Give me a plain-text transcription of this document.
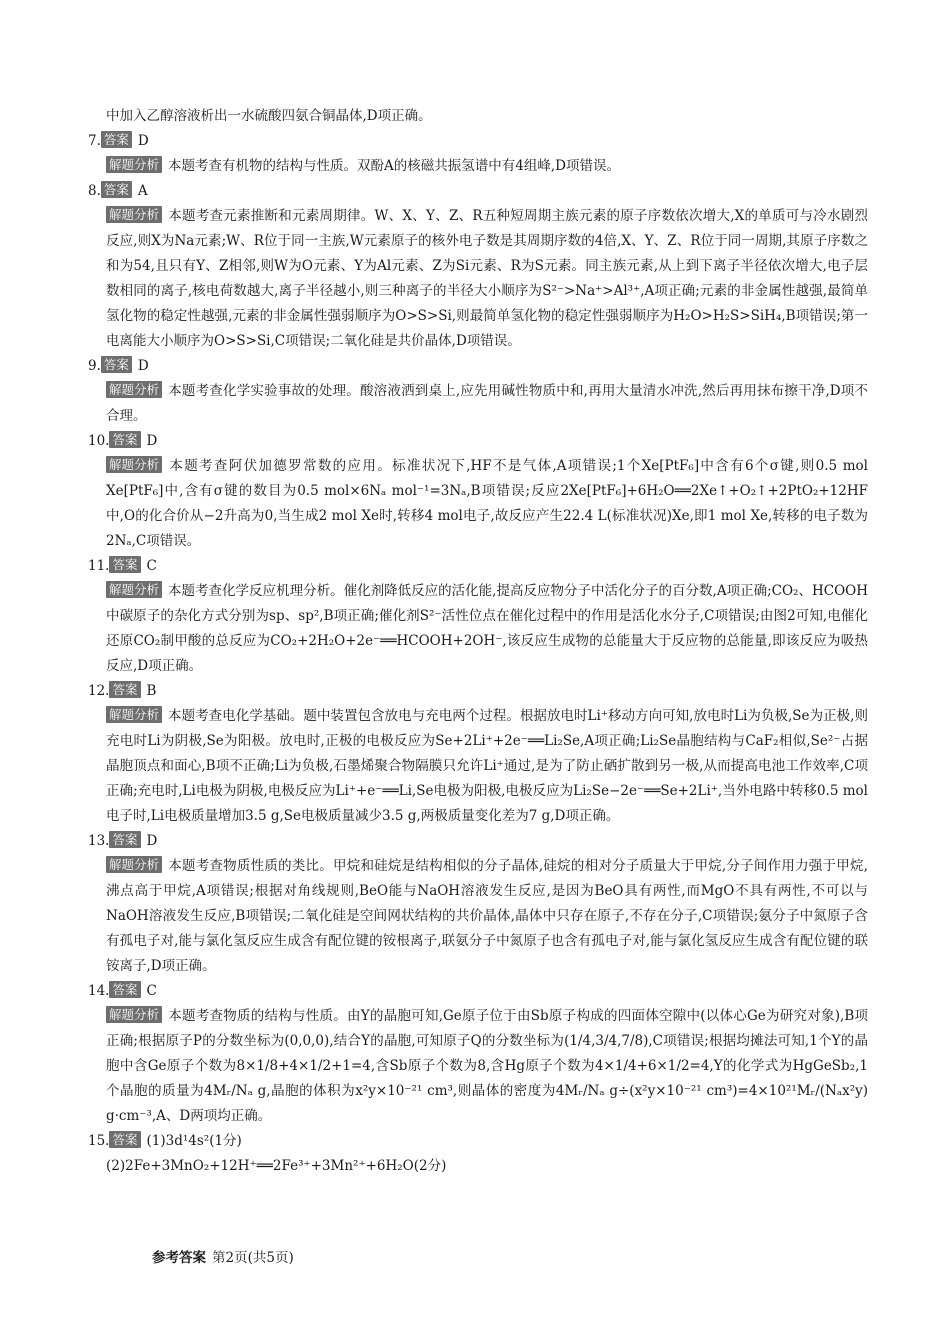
中加入乙醇溶液析出一水硫酸四氨合铜晶体,D项正确。

7. 答案 D

解题分析 本题考查有机物的结构与性质。双酚A的核磁共振氢谱中有4组峰,D项错误。

8. 答案 A

解题分析 本题考查元素推断和元素周期律。W、X、Y、Z、R五种短周期主族元素的原子序数依次增大,X的单质可与冷水剧烈反应,则X为Na元素;W、R位于同一主族,W元素原子的核外电子数是其周期序数的4倍,X、Y、Z、R位于同一周期,其原子序数之和为54,且只有Y、Z相邻,则W为O元素、Y为Al元素、Z为Si元素、R为S元素。同主族元素,从上到下离子半径依次增大,电子层数相同的离子,核电荷数越大,离子半径越小,则三种离子的半径大小顺序为S²⁻>Na⁺>Al³⁺,A项正确;元素的非金属性越强,最简单氢化物的稳定性越强,元素的非金属性强弱顺序为O>S>Si,则最简单氢化物的稳定性强弱顺序为H₂O>H₂S>SiH₄,B项错误;第一电离能大小顺序为O>S>Si,C项错误;二氧化硅是共价晶体,D项错误。

9. 答案 D

解题分析 本题考查化学实验事故的处理。酸溶液洒到桌上,应先用碱性物质中和,再用大量清水冲洗,然后再用抹布擦干净,D项不合理。

10. 答案 D

解题分析 本题考查阿伏加德罗常数的应用。标准状况下,HF不是气体,A项错误;1个Xe[PtF₆]中含有6个σ键,则0.5 mol Xe[PtF₆]中,含有σ键的数目为0.5 mol×6Nₐ mol⁻¹=3Nₐ,B项错误;反应2Xe[PtF₆]+6H₂O══2Xe↑+O₂↑+2PtO₂+12HF中,O的化合价从−2升高为0,当生成2 mol Xe时,转移4 mol电子,故反应产生22.4 L(标准状况)Xe,即1 mol Xe,转移的电子数为2Nₐ,C项错误。

11. 答案 C

解题分析 本题考查化学反应机理分析。催化剂降低反应的活化能,提高反应物分子中活化分子的百分数,A项正确;CO₂、HCOOH中碳原子的杂化方式分别为sp、sp²,B项正确;催化剂S²⁻活性位点在催化过程中的作用是活化水分子,C项错误;由图2可知,电催化还原CO₂制甲酸的总反应为CO₂+2H₂O+2e⁻══HCOOH+2OH⁻,该反应生成物的总能量大于反应物的总能量,即该反应为吸热反应,D项正确。

12. 答案 B

解题分析 本题考查电化学基础。题中装置包含放电与充电两个过程。根据放电时Li⁺移动方向可知,放电时Li为负极,Se为正极,则充电时Li为阴极,Se为阳极。放电时,正极的电极反应为Se+2Li⁺+2e⁻══Li₂Se,A项正确;Li₂Se晶胞结构与CaF₂相似,Se²⁻占据晶胞顶点和面心,B项不正确;Li为负极,石墨烯聚合物隔膜只允许Li⁺通过,是为了防止硒扩散到另一极,从而提高电池工作效率,C项正确;充电时,Li电极为阴极,电极反应为Li⁺+e⁻══Li,Se电极为阳极,电极反应为Li₂Se−2e⁻══Se+2Li⁺,当外电路中转移0.5 mol电子时,Li电极质量增加3.5 g,Se电极质量减少3.5 g,两极质量变化差为7 g,D项正确。

13. 答案 D

解题分析 本题考查物质性质的类比。甲烷和硅烷是结构相似的分子晶体,硅烷的相对分子质量大于甲烷,分子间作用力强于甲烷,沸点高于甲烷,A项错误;根据对角线规则,BeO能与NaOH溶液发生反应,是因为BeO具有两性,而MgO不具有两性,不可以与NaOH溶液发生反应,B项错误;二氧化硅是空间网状结构的共价晶体,晶体中只存在原子,不存在分子,C项错误;氨分子中氮原子含有孤电子对,能与氯化氢反应生成含有配位键的铵根离子,联氨分子中氮原子也含有孤电子对,能与氯化氢反应生成含有配位键的联铵离子,D项正确。

14. 答案 C

解题分析 本题考查物质的结构与性质。由Y的晶胞可知,Ge原子位于由Sb原子构成的四面体空隙中(以体心Ge为研究对象),B项正确;根据原子P的分数坐标为(0,0,0),结合Y的晶胞,可知原子Q的分数坐标为(1/4,3/4,7/8),C项错误;根据均摊法可知,1个Y的晶胞中含Ge原子个数为8×1/8+4×1/2+1=4,含Sb原子个数为8,含Hg原子个数为4×1/4+6×1/2=4,Y的化学式为HgGeSb₂,1个晶胞的质量为4Mᵣ/Nₐ g,晶胞的体积为x²y×10⁻²¹ cm³,则晶体的密度为4Mᵣ/Nₐ g÷(x²y×10⁻²¹ cm³)=4×10²¹Mᵣ/(Nₐx²y) g·cm⁻³,A、D两项均正确。

15. 答案 (1)3d¹4s²(1分)

(2)2Fe+3MnO₂+12H⁺══2Fe³⁺+3Mn²⁺+6H₂O(2分)

参考答案 第2页(共5页)
